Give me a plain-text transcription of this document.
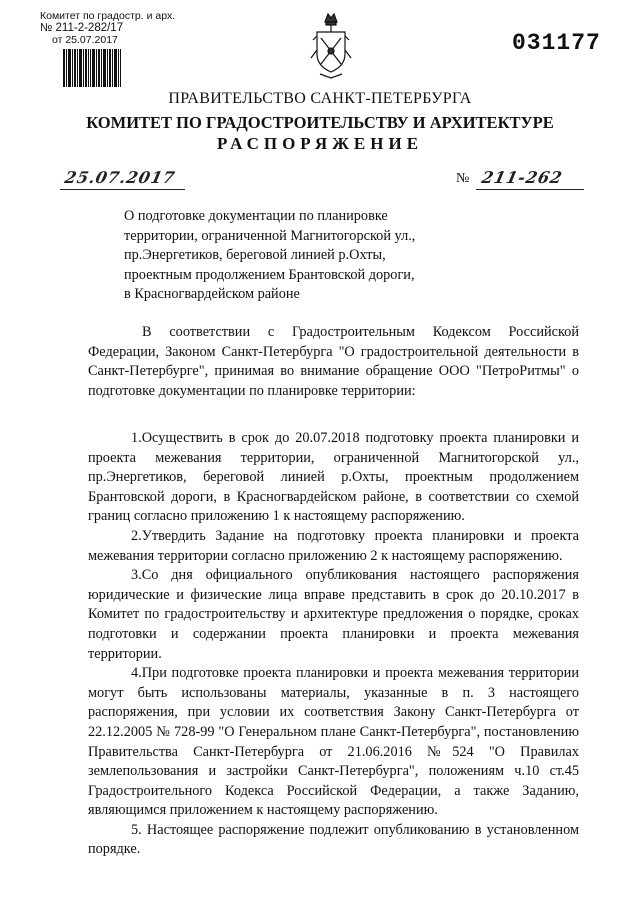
Комитет по градостр. и арх.
№ 211-2-282/17
от 25.07.2017	031177
ПРАВИТЕЛЬСТВО САНКТ-ПЕТЕРБУРГА
КОМИТЕТ ПО ГРАДОСТРОИТЕЛЬСТВУ И АРХИТЕКТУРЕ
РАСПОРЯЖЕНИЕ
25.07.2017	№ 211-262
О подготовке документации по планировке
территории, ограниченной Магнитогорской ул.,
пр.Энергетиков, береговой линией р.Охты,
проектным продолжением Брантовской дороги,
в Красногвардейском районе
В соответствии с Градостроительным Кодексом Российской Федерации, Законом Санкт-Петербурга "О градостроительной деятельности в Санкт-Петербурге", принимая во внимание обращение ООО "ПетроРитмы" о подготовке документации по планировке территории:

1.Осуществить в срок до 20.07.2018 подготовку проекта планировки и проекта межевания территории, ограниченной Магнитогорской ул., пр.Энергетиков, береговой линией р.Охты, проектным продолжением Брантовской дороги, в Красногвардейском районе, в соответствии со схемой границ согласно приложению 1 к настоящему распоряжению.

2.Утвердить Задание на подготовку проекта планировки и проекта межевания территории согласно приложению 2 к настоящему распоряжению.

3.Со дня официального опубликования настоящего распоряжения юридические и физические лица вправе представить в срок до 20.10.2017 в Комитет по градостроительству и архитектуре предложения о порядке, сроках подготовки и содержании проекта планировки и проекта межевания территории.

4.При подготовке проекта планировки и проекта межевания территории могут быть использованы материалы, указанные в п. 3 настоящего распоряжения, при условии их соответствия Закону Санкт-Петербурга от 22.12.2005 № 728-99 "О Генеральном плане Санкт-Петербурга", постановлению Правительства Санкт-Петербурга от 21.06.2016 №524 "О Правилах землепользования и застройки Санкт-Петербурга", положениям ч.10 ст.45 Градостроительного Кодекса Российской Федерации, а также Заданию, являющимся приложением к настоящему распоряжению.

5. Настоящее распоряжение подлежит опубликованию в установленном порядке.
